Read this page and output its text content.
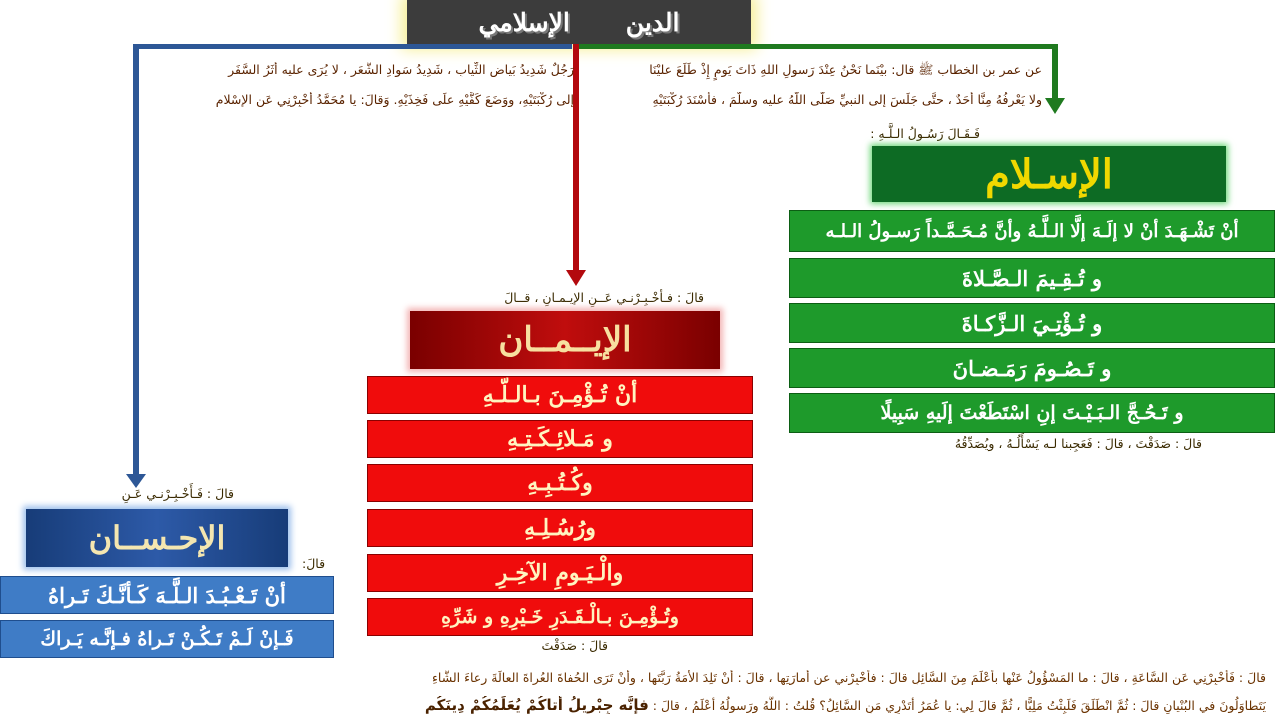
الإسلامي الدين
عن عمر بن الخطاب ﷺ قال: بيْنَما نَحْنُ عِنْدَ رَسولِ اللهِ ذَاتَ يَومٍ إِذْ طَلَعَ عليْنَا
رَجُلٌ شَدِيدُ بَياضِ الثِّيابِ ، شَدِيدُ سَوادِ الشَّعَرِ ، لا يُرَى عليه أثَرُ السَّفَرِ
ولا يَعْرِفُهُ مِنَّا أحَدٌ ، حتَّى جَلَسَ إلى النبيِّ صَلَّى اللَّهُ عليه وسلَّمَ ، فأسْنَدَ رُكْبَتَيْهِ
إلى رُكْبَتَيْهِ، ووَضَعَ كَفَّيْهِ علَى فَخِذَيْهِ. وَقالَ: يا مُحَمَّدُ أخْبِرْنِي عَنِ الإسْلامِ
فَـقَـالَ رَسُـولُ الـلَّـهِ :
الإسـلام
أنْ تَشْـهَـدَ أنْ لا إلَـهَ إلَّا الـلَّـهُ وأنَّ مُـحَـمَّـداً رَسـولُ الـلـه
و تُـقِـيمَ الـصَّـلاةَ
و تُـؤْتِـيَ الـزَّكـاةَ
و تَـصُـومَ رَمَـضـانَ
و تَـحُـجَّ الـبَـيْـتَ إنِ اسْتَطَعْتَ إلَيهِ سَبِيلًا
قالَ : صَدَقْتَ ، قالَ : فَعَجِبنا لـه يَسْأَلُـهُ ، ويُصَدِّقُهُ
قالَ : فـأخْـبِـرْنـي عَــنِ الإيـمـانِ ، قــالَ
الإيــمــان
أنْ تُـؤْمِـنَ بـالـلّـهِ
و مَـلائِـكَـتِـهِ
وكُـتُـبِـهِ
ورُسُـلِـهِ
والْـيَـومِ الآخِـرِ
وتُـؤْمِـنَ بـالْـقَـدَرِ خَـيْرِهِ و شَرِّهِ
قالَ : صَدَقْتَ
قالَ : فَـأَخْـبِـرْنـي عَـنِ
الإحـســان
قالَ:
أنْ تَـعْـبُـدَ الـلَّـهَ كَـأنَّـكَ تَـراهُ
فَـإنْ لَـمْ تَـكُـنْ تَـراهُ فـإنَّـه يَـراكَ
قالَ : فَأخْبِرْنِي عَنِ السَّاعَةِ ، قالَ : ما المَسْؤُولُ عَنْها بأَعْلَمَ مِنَ السَّائِلِ قالَ : فأخْبِرْني عن أمارَتِها ، قالَ : أنْ تَلِدَ الأمَةُ رَبَّتَها ، وأنْ تَرَى الحُفاةَ العُراةَ العالَةَ رِعاءَ الشَّاءِ
يَتَطاوَلُونَ في البُنْيانِ قالَ : ثُمَّ انْطَلَقَ فَلَبِثْتُ مَلِيًّا ، ثُمَّ قالَ لِي: يا عُمَرُ أتَدْرِي مَنِ السَّائِلُ؟ قُلتُ : اللَّهُ ورَسولُهُ أعْلَمُ ، قالَ : فإنَّه جِبْرِيلُ أتاكُمْ يُعَلِّمُكُمْ دِينَكُم
